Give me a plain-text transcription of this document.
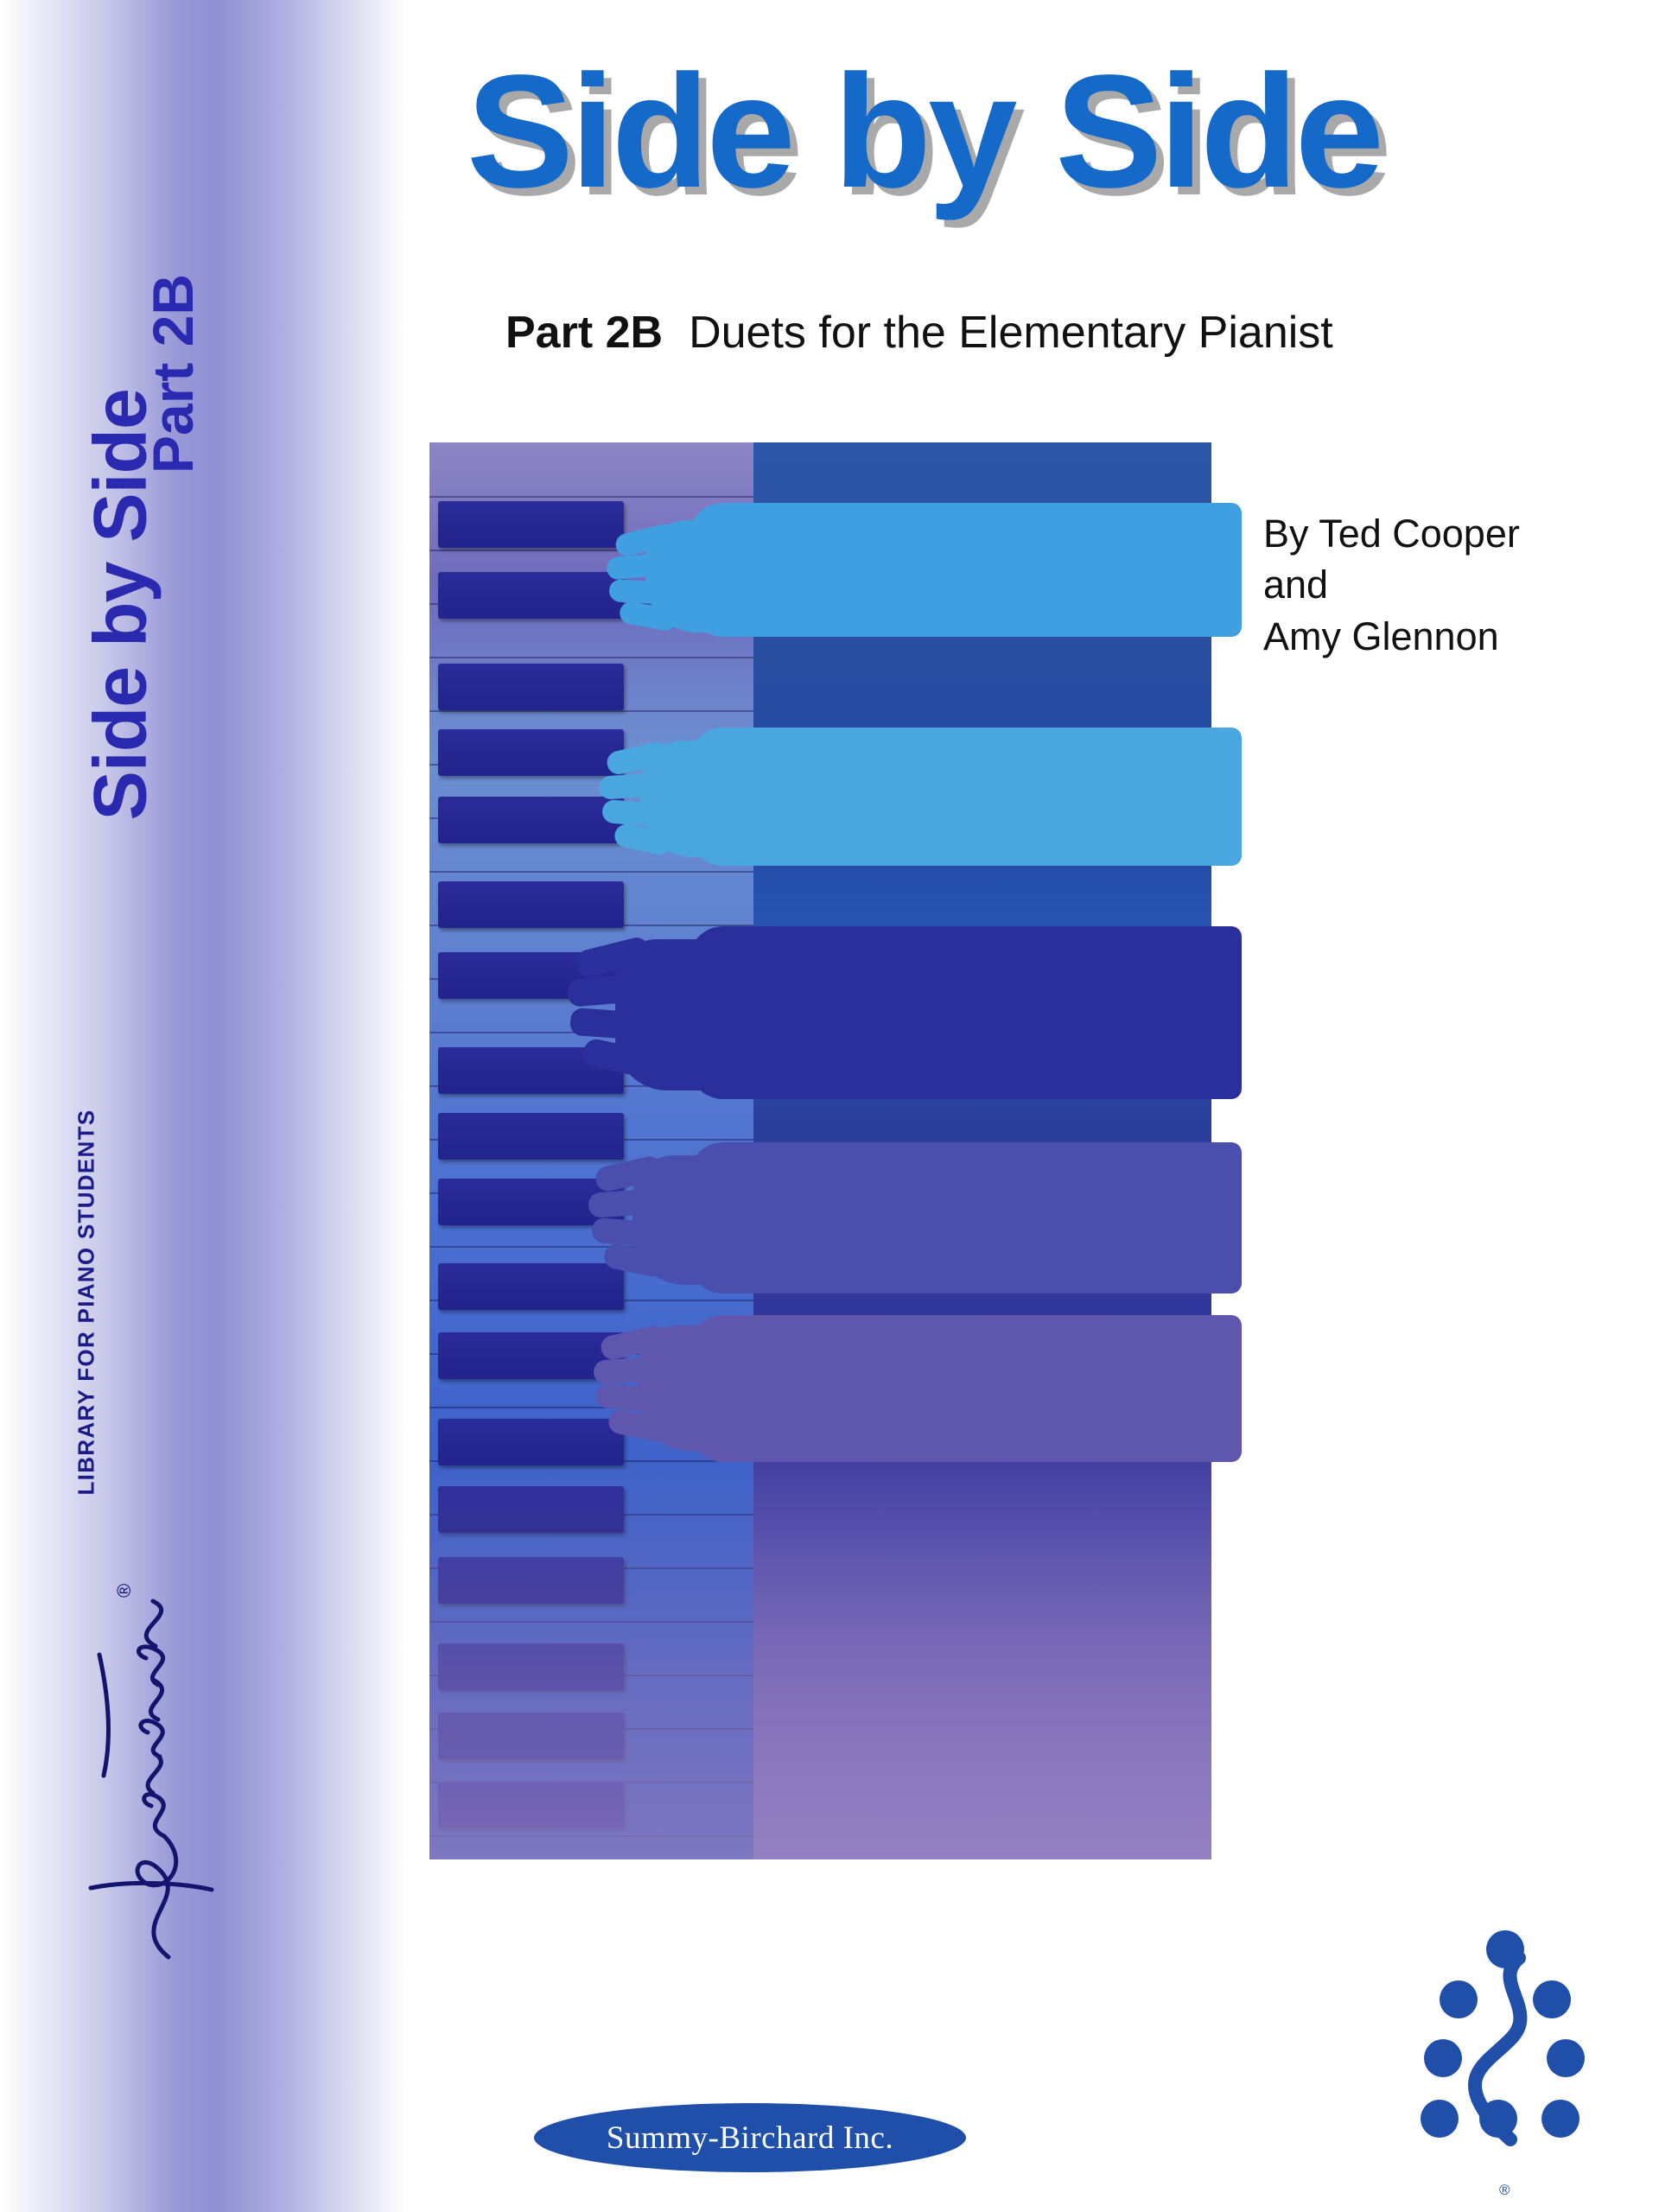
Side by Side
Part 2B
LIBRARY FOR PIANO STUDENTS
®
Side by Side
Part 2B Duets for the Elementary Pianist
By Ted Cooper
and
Amy Glennon
Summy-Birchard Inc.
®
